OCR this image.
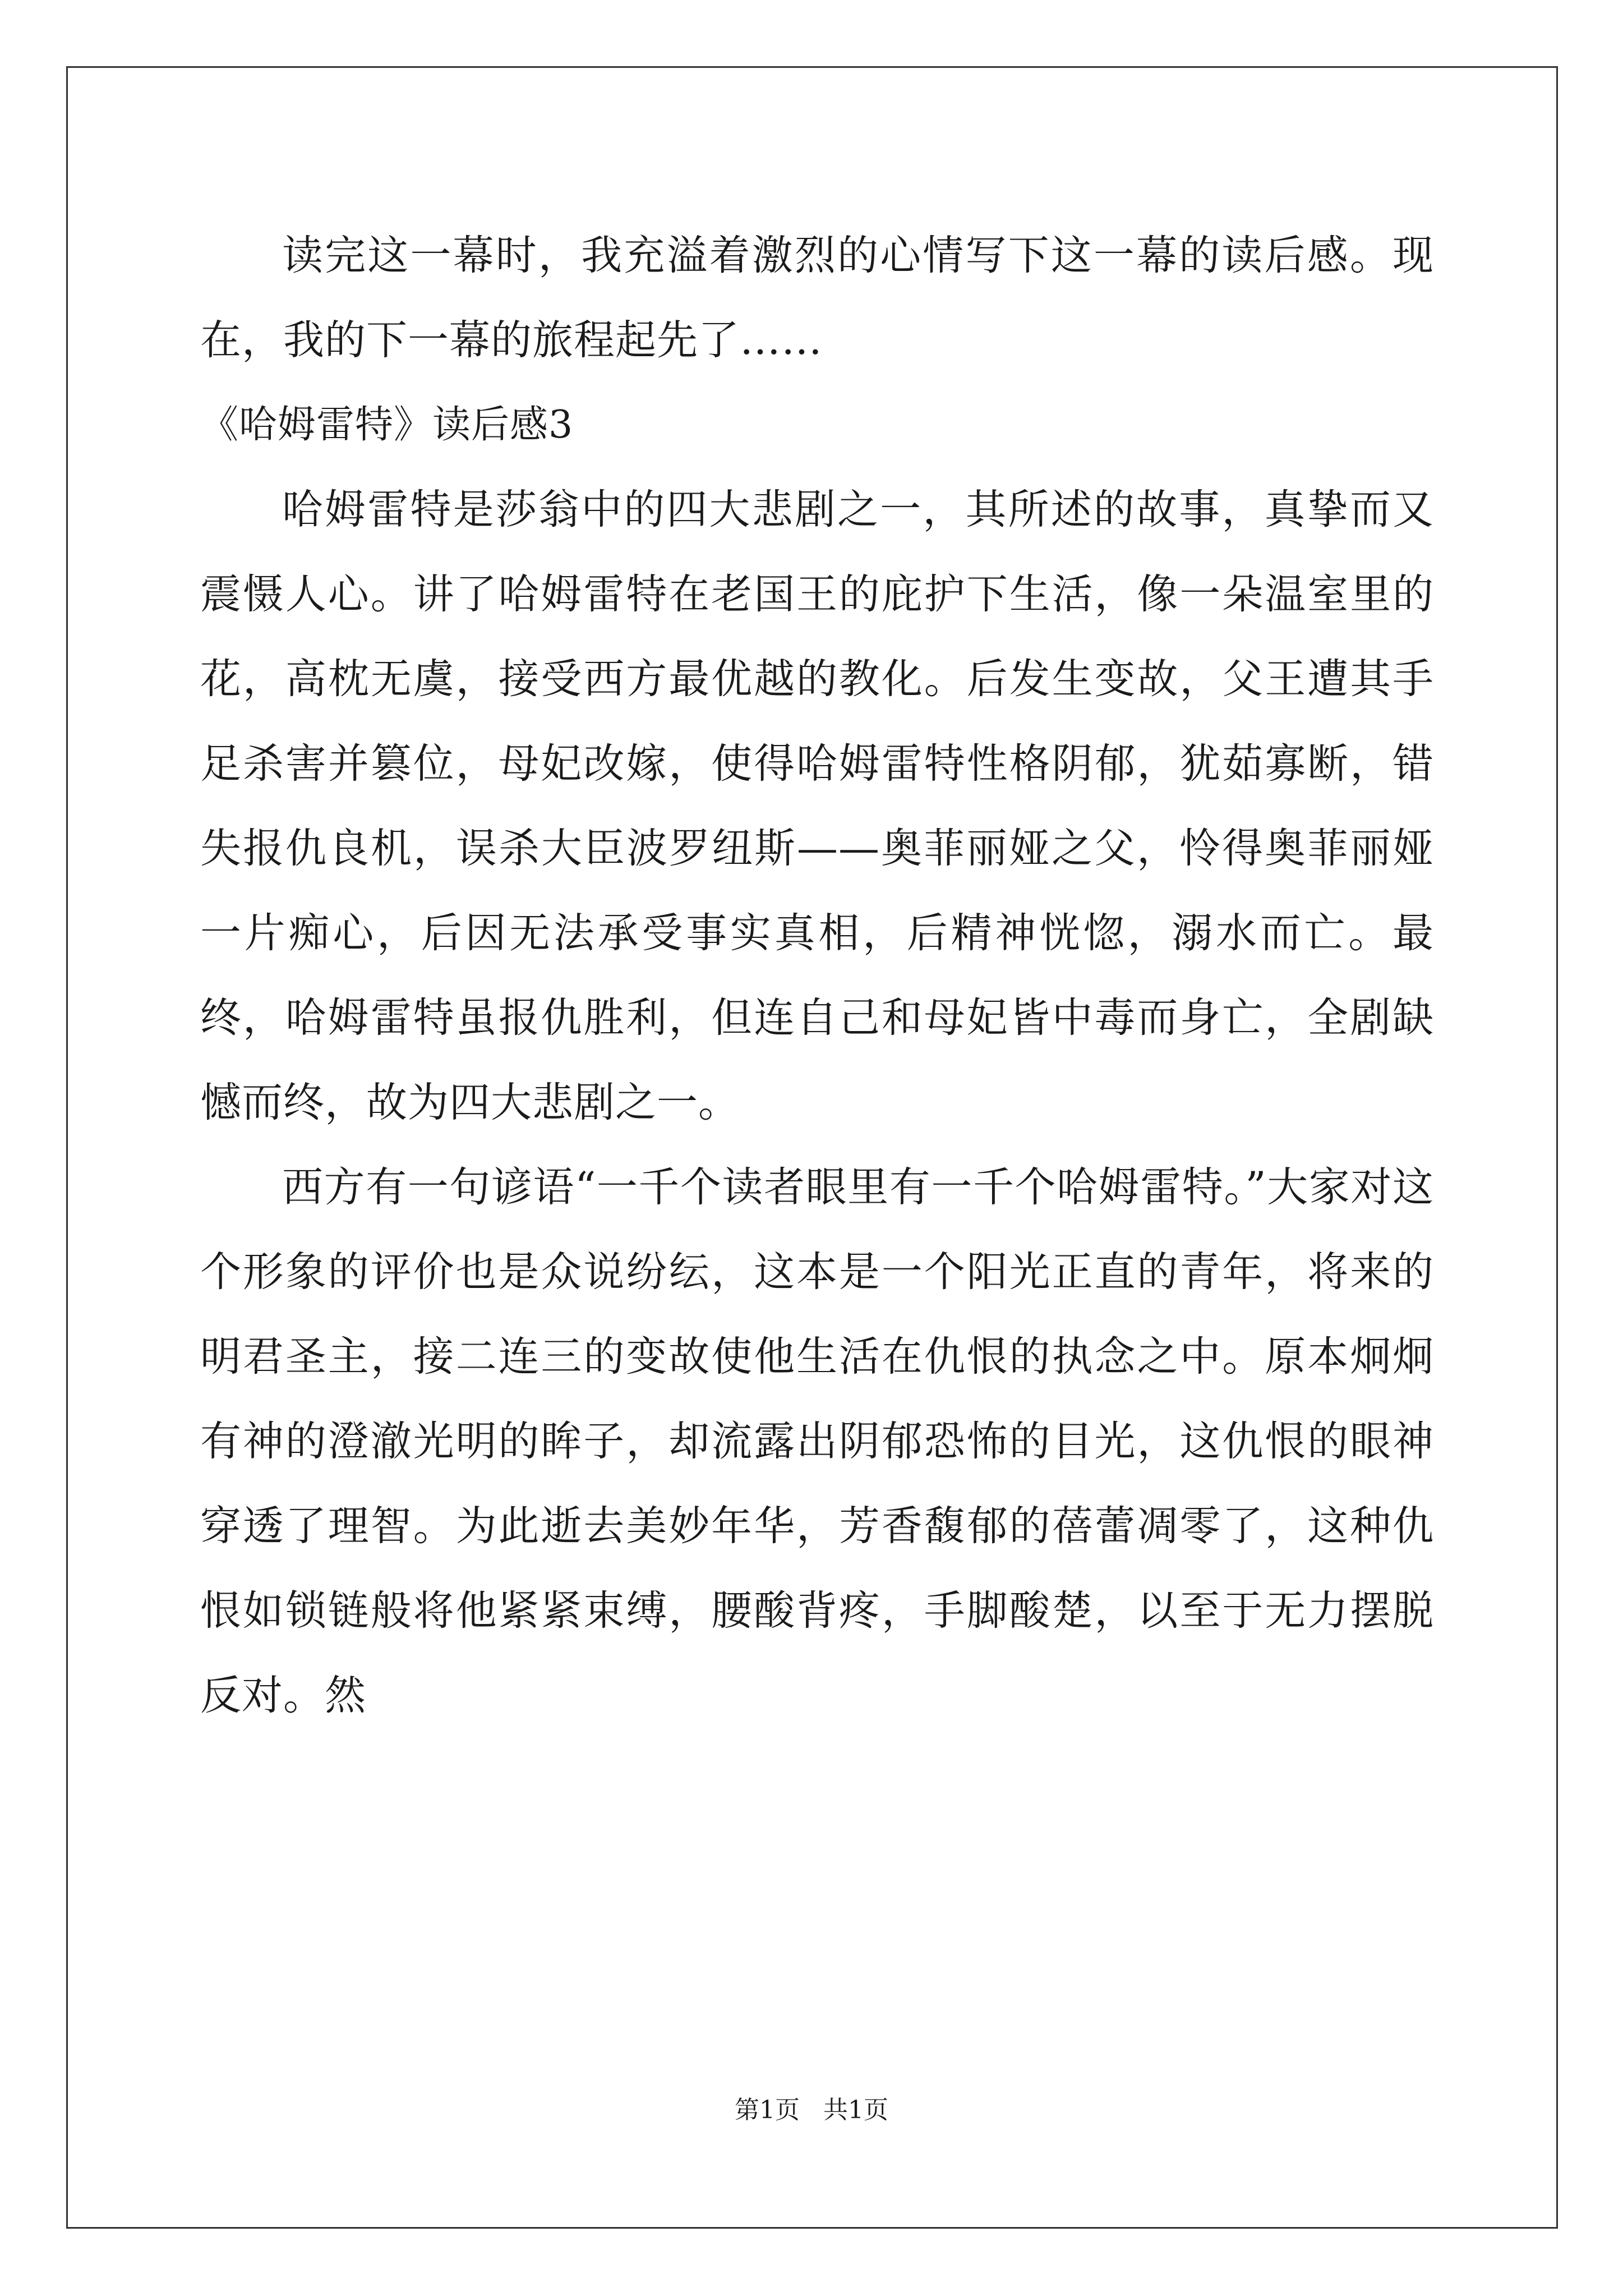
读完这一幕时，我充溢着激烈的心情写下这一幕的读后感。现在，我的下一幕的旅程起先了……

《哈姆雷特》读后感3

哈姆雷特是莎翁中的四大悲剧之一，其所述的故事，真挚而又震慑人心。讲了哈姆雷特在老国王的庇护下生活，像一朵温室里的花，高枕无虞，接受西方最优越的教化。后发生变故，父王遭其手足杀害并篡位，母妃改嫁，使得哈姆雷特性格阴郁，犹茹寡断，错失报仇良机，误杀大臣波罗纽斯——奥菲丽娅之父，怜得奥菲丽娅一片痴心，后因无法承受事实真相，后精神恍惚，溺水而亡。最终，哈姆雷特虽报仇胜利，但连自己和母妃皆中毒而身亡，全剧缺憾而终，故为四大悲剧之一。

西方有一句谚语“一千个读者眼里有一千个哈姆雷特。”大家对这个形象的评价也是众说纷纭，这本是一个阳光正直的青年，将来的明君圣主，接二连三的变故使他生活在仇恨的执念之中。原本炯炯有神的澄澈光明的眸子，却流露出阴郁恐怖的目光，这仇恨的眼神穿透了理智。为此逝去美妙年华，芳香馥郁的蓓蕾凋零了，这种仇恨如锁链般将他紧紧束缚，腰酸背疼，手脚酸楚，以至于无力摆脱反对。然

第1页   共1页
